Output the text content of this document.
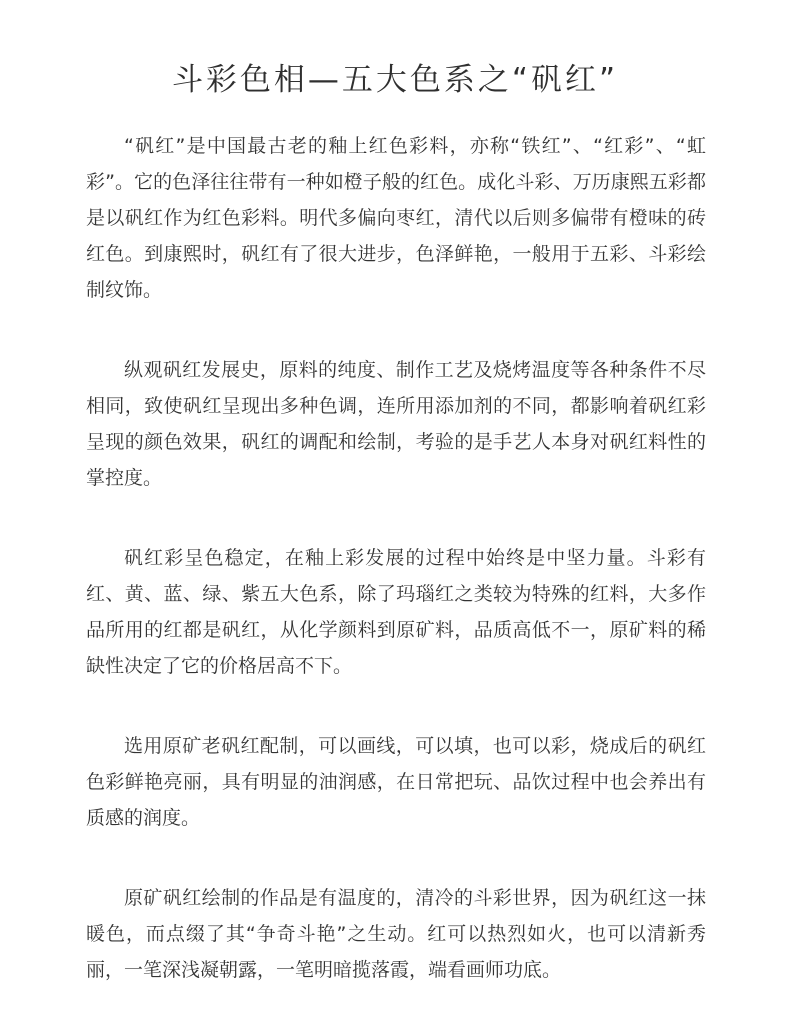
斗彩色相—五大色系之“矾红”

“矾红”是中国最古老的釉上红色彩料，亦称“铁红”、“红彩”、“虹彩”。它的色泽往往带有一种如橙子般的红色。成化斗彩、万历康熙五彩都是以矾红作为红色彩料。明代多偏向枣红，清代以后则多偏带有橙味的砖红色。到康熙时，矾红有了很大进步，色泽鲜艳，一般用于五彩、斗彩绘制纹饰。

纵观矾红发展史，原料的纯度、制作工艺及烧烤温度等各种条件不尽相同，致使矾红呈现出多种色调，连所用添加剂的不同，都影响着矾红彩呈现的颜色效果，矾红的调配和绘制，考验的是手艺人本身对矾红料性的掌控度。

矾红彩呈色稳定，在釉上彩发展的过程中始终是中坚力量。斗彩有红、黄、蓝、绿、紫五大色系，除了玛瑙红之类较为特殊的红料，大多作品所用的红都是矾红，从化学颜料到原矿料，品质高低不一，原矿料的稀缺性决定了它的价格居高不下。

选用原矿老矾红配制，可以画线，可以填，也可以彩，烧成后的矾红色彩鲜艳亮丽，具有明显的油润感，在日常把玩、品饮过程中也会养出有质感的润度。

原矿矾红绘制的作品是有温度的，清冷的斗彩世界，因为矾红这一抹暖色，而点缀了其“争奇斗艳”之生动。红可以热烈如火，也可以清新秀丽，一笔深浅凝朝露，一笔明暗揽落霞，端看画师功底。
